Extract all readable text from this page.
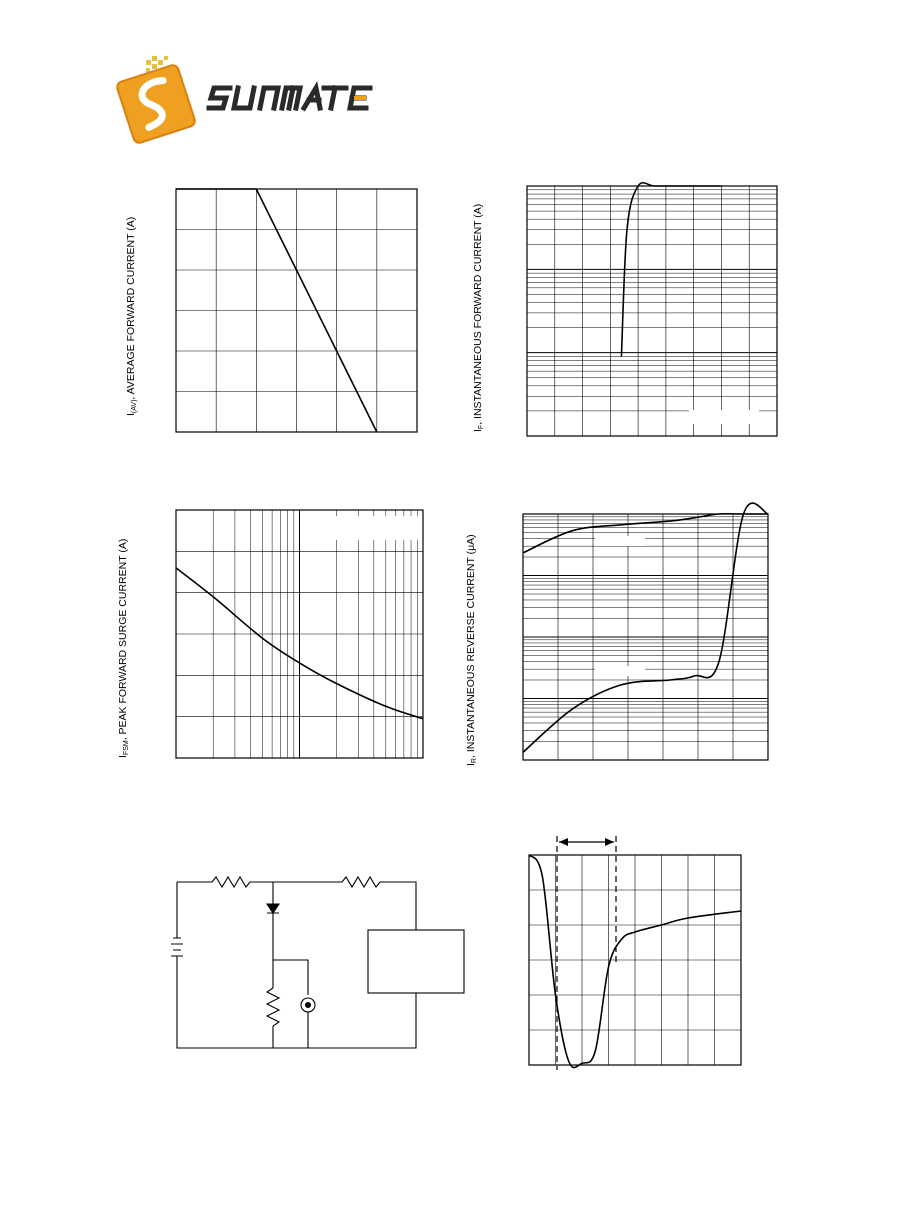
$I_{(AV)}$, AVERAGE FORWARD CURRENT (A)
$I_F$, INSTANTANEOUS FORWARD CURRENT (A)
$I_{FSM}$, PEAK FORWARD SURGE CURRENT (A)
$I_R$, INSTANTANEOUS REVERSE CURRENT (μA)
